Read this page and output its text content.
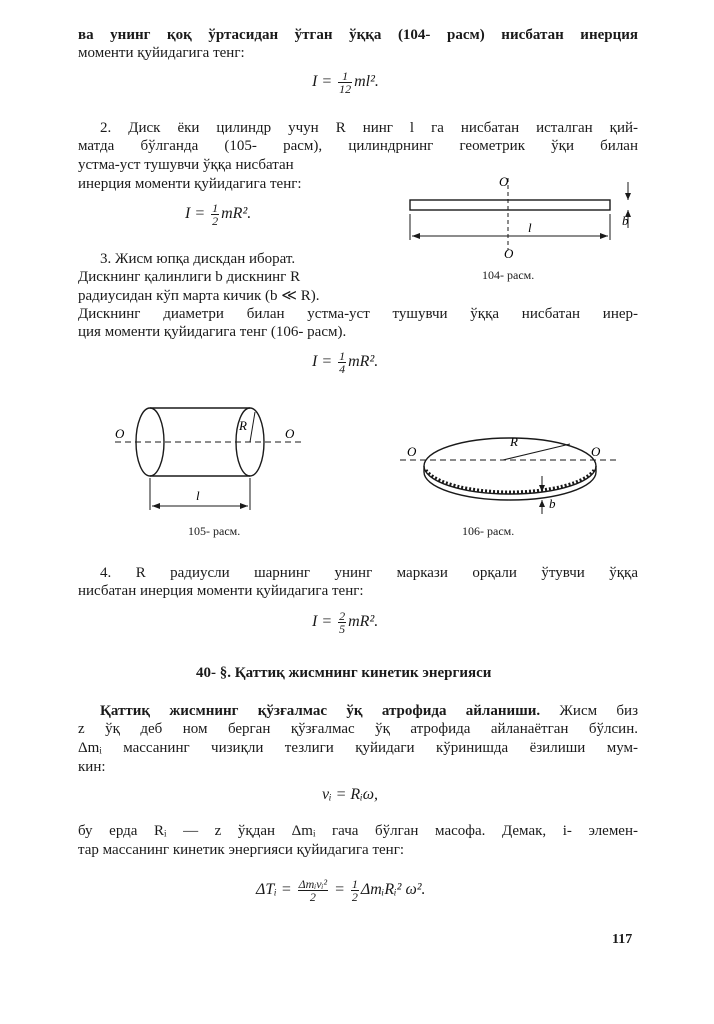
ва унинг қоқ ўртасидан ўтган ўққа (104- расм) нисбатан инерция
моменти қуйидагига тенг:
$I = \frac{1}{12} ml^2$.
2. Диск ёки цилиндр учун R нинг l га нисбатан исталган қий-
матда бўлганда (105- расм), цилиндрнинг геометрик ўқи билан
устма-уст тушувчи ўққа нисбатан
инерция моменти қуйидагига тенг:
$I = \frac{1}{2} mR^2$.
O
O
l	b
104- расм.
3. Жисм юпқа дискдан иборат.
Дискнинг қалинлиги b дискнинг R
радиусидан кўп марта кичик (b ≪ R).
Дискнинг диаметри билан устма-уст тушувчи ўққа нисбатан инер-
ция моменти қуйидагига тенг (106- расм).
$I = \frac{1}{4} mR^2$.
R
O	O
l
105- расм.
R
O	O
b
106- расм.
4. R радиусли шарнинг унинг маркази орқали ўтувчи ўққа
нисбатан инерция моменти қуйидагига тенг:
$I = \frac{2}{5} mR^2$.
40- §. Қаттиқ жисмнинг кинетик энергияси
Қаттиқ жисмнинг қўзғалмас ўқ атрофида айланиши. Жисм биз
z ўқ деб ном берган қўзғалмас ўқ атрофида айланаётган бўлсин.
Δmᵢ массанинг чизиқли тезлиги қуйидаги кўринишда ёзилиши мум-
кин:
vᵢ = Rᵢω,
бу ерда Rᵢ — z ўқдан Δmᵢ гача бўлган масофа. Демак, i- элемен-
тар массанинг кинетик энергияси қуйидагига тенг:
ΔTᵢ = $\frac{\text{Δmᵢvᵢ²}}{2} = \frac{1}{2}$ ΔmᵢRᵢ² ω².
117
